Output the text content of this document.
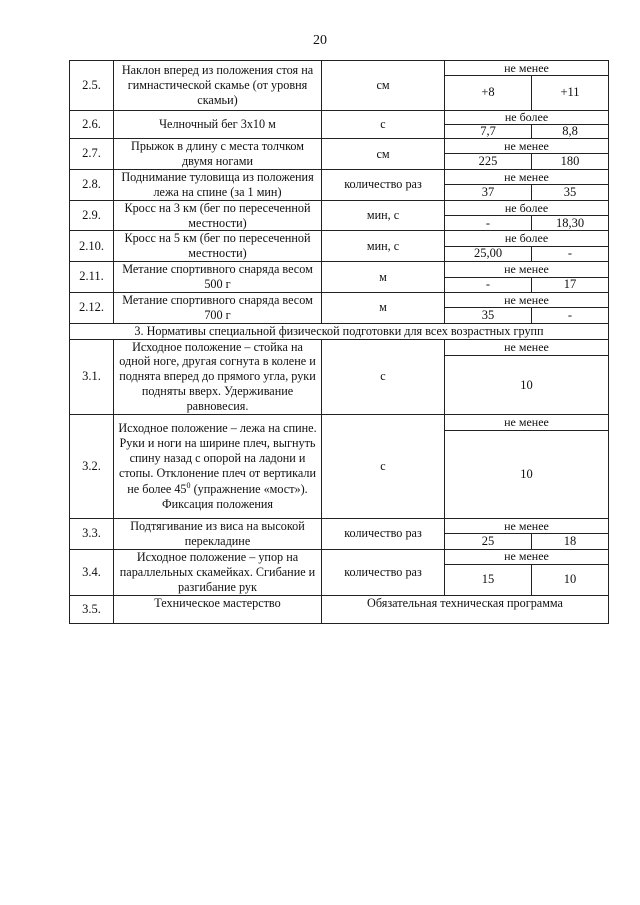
20
2.5.	Наклон вперед из положения стоя на гимнастической скамье (от уровня скамьи)	см	не менее	
			+8	+11
2.6.	Челночный бег 3х10 м	с	не более	
			7,7	8,8
2.7.	Прыжок в длину с места толчком двумя ногами	см	не менее	
			225	180
2.8.	Поднимание туловища из положения лежа на спине (за 1 мин)	количество раз	не менее	
			37	35
2.9.	Кросс на 3 км (бег по пересеченной местности)	мин, с	не более	
			-	18,30
2.10.	Кросс на 5 км (бег по пересеченной местности)	мин, с	не более	
			25,00	-
2.11.	Метание спортивного снаряда весом 500 г	м	не менее	
			-	17
2.12.	Метание спортивного снаряда весом 700 г	м	не менее	
			35	-
3. Нормативы специальной физической подготовки для всех возрастных групп				
3.1.	Исходное положение – стойка на одной ноге, другая согнута в колене и поднята вперед до прямого угла, руки подняты вверх. Удерживание равновесия.	с	не менее	
			10	
3.2.	Исходное положение – лежа на спине. Руки и ноги на ширине плеч, выгнуть спину назад с опорой на ладони и стопы. Отклонение плеч от вертикали не более $45^0$ (упражнение «мост»). Фиксация положения	с	не менее	
			10	
3.3.	Подтягивание из виса на высокой перекладине	количество раз	не менее	
			25	18
3.4.	Исходное положение – упор на параллельных скамейках. Сгибание и разгибание рук	количество раз	не менее	
			15	10
3.5.	Техническое мастерство	Обязательная техническая программа		
